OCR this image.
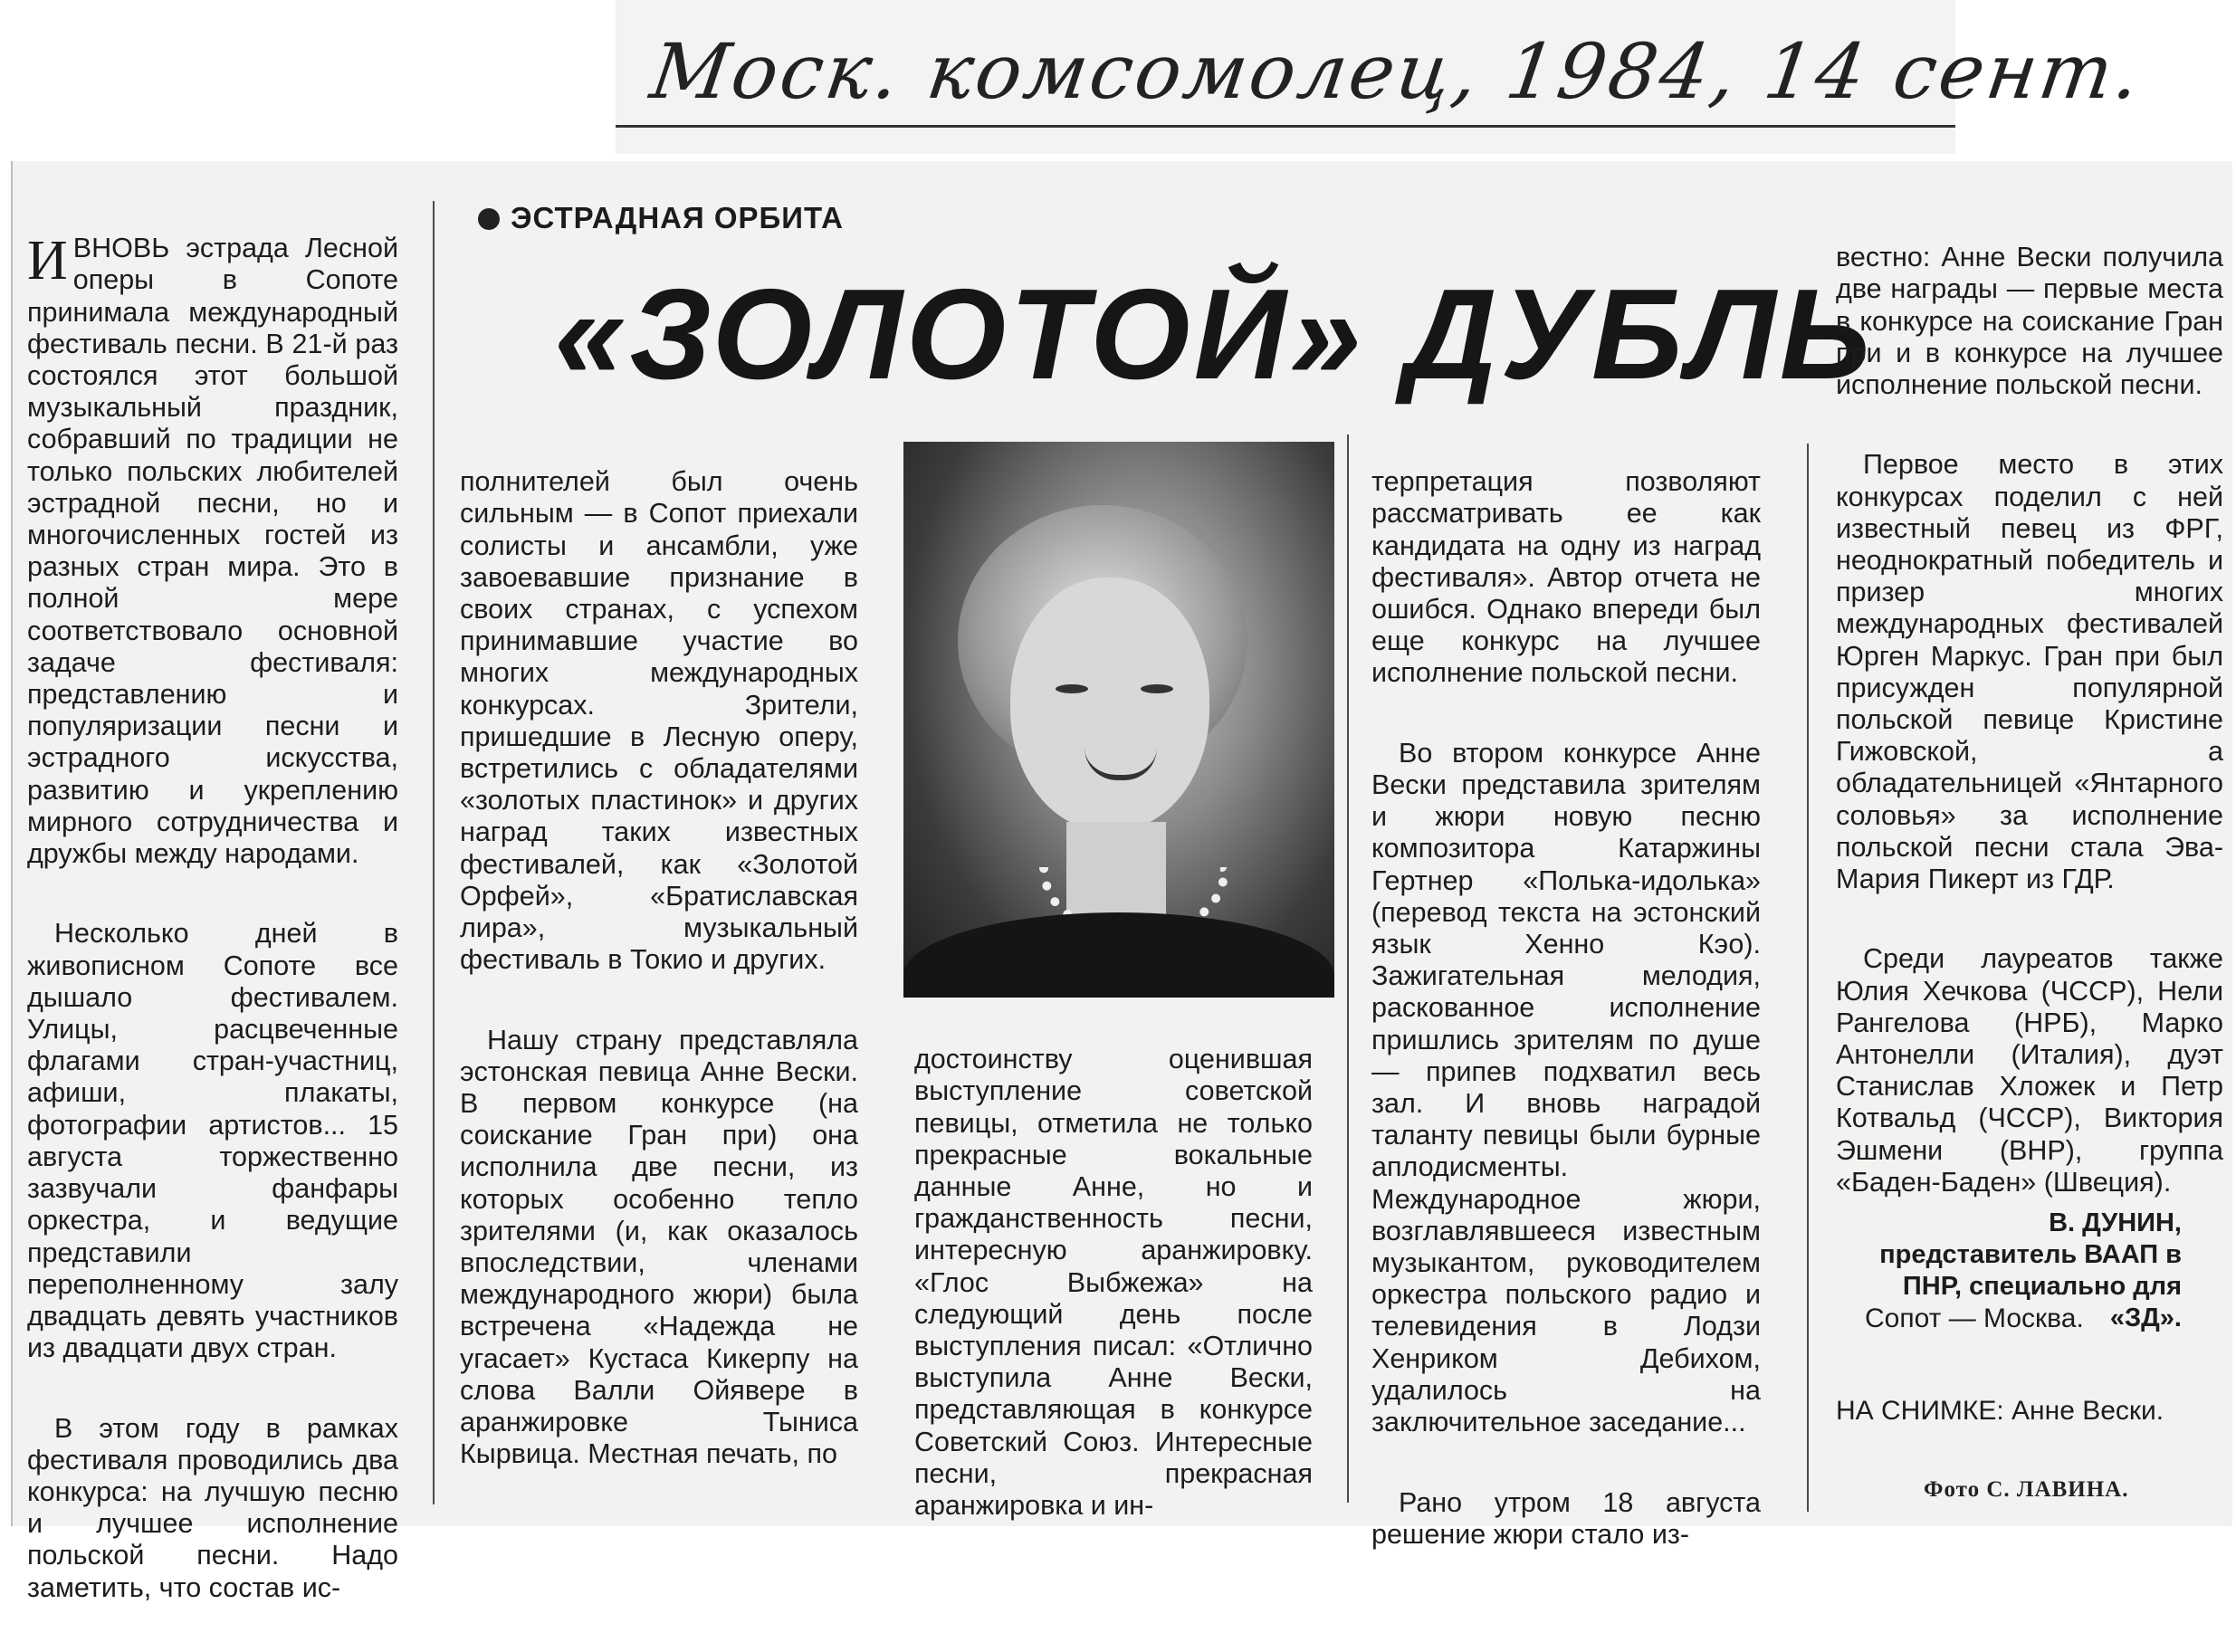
Моск. комсомолец, 1984, 14 сент.

ИВНОВЬ эстрада Лесной оперы в Сопоте принимала международный фестиваль песни. В 21-й раз состоялся этот большой музыкальный праздник, собравший по традиции не только польских любителей эстрадной песни, но и многочисленных гостей из разных стран мира. Это в полной мере соответствовало основной задаче фестиваля: представлению и популяризации песни и эстрадного искусства, развитию и укреплению мирного сотрудничества и дружбы между народами.

Несколько дней в живописном Сопоте все дышало фестивалем. Улицы, расцвеченные флагами стран-участниц, афиши, плакаты, фотографии артистов... 15 августа торжественно зазвучали фанфары оркестра, и ведущие представили переполненному залу двадцать девять участников из двадцати двух стран.

В этом году в рамках фестиваля проводились два конкурса: на лучшую песню и лучшее исполнение польской песни. Надо заметить, что состав ис-

ЭСТРАДНАЯ ОРБИТА
«ЗОЛОТОЙ» ДУБЛЬ

полнителей был очень сильным — в Сопот приехали солисты и ансамбли, уже завоевавшие признание в своих странах, с успехом принимавшие участие во многих международных конкурсах. Зрители, пришедшие в Лесную оперу, встретились с обладателями «золотых пластинок» и других наград таких известных фестивалей, как «Золотой Орфей», «Братиславская лира», музыкальный фестиваль в Токио и других.

Нашу страну представляла эстонская певица Анне Вески. В первом конкурсе (на соискание Гран при) она исполнила две песни, из которых особенно тепло зрителями (и, как оказалось впоследствии, членами международного жюри) была встречена «Надежда не угасает» Кустаса Кикерпу на слова Валли Ойявере в аранжировке Тыниса Кырвица. Местная печать, по

достоинству оценившая выступление советской певицы, отметила не только прекрасные вокальные данные Анне, но и гражданственность песни, интересную аранжировку. «Глос Выбжежа» на следующий день после выступления писал: «Отлично выступила Анне Вески, представляющая в конкурсе Советский Союз. Интересные песни, прекрасная аранжировка и ин-

терпретация позволяют рассматривать ее как кандидата на одну из наград фестиваля». Автор отчета не ошибся. Однако впереди был еще конкурс на лучшее исполнение польской песни.

Во втором конкурсе Анне Вески представила зрителям и жюри новую песню композитора Катаржины Гертнер «Полька-идолька» (перевод текста на эстонский язык Хенно Кэо). Зажигательная мелодия, раскованное исполнение пришлись зрителям по душе — припев подхватил весь зал. И вновь наградой таланту певицы были бурные аплодисменты. Международное жюри, возглавлявшееся известным музыкантом, руководителем оркестра польского радио и телевидения в Лодзи Хенриком Дебихом, удалилось на заключительное заседание...

Рано утром 18 августа решение жюри стало из-

вестно: Анне Вески получила две награды — первые места в конкурсе на соискание Гран при и в конкурсе на лучшее исполнение польской песни.

Первое место в этих конкурсах поделил с ней известный певец из ФРГ, неоднократный победитель и призер многих международных фестивалей Юрген Маркус. Гран при был присужден популярной польской певице Кристине Гижовской, а обладательницей «Янтарного соловья» за исполнение польской песни стала Эва-Мария Пикерт из ГДР.

Среди лауреатов также Юлия Хечкова (ЧССР), Нели Рангелова (НРБ), Марко Антонелли (Италия), дуэт Станислав Хложек и Петр Котвальд (ЧССР), Виктория Эшмени (ВНР), группа «Баден-Баден» (Швеция).

В. ДУНИН,
представитель ВААП в ПНР, специально для «ЗД».
Сопот — Москва.
НА СНИМКЕ: Анне Вески.
Фото С. ЛАВИНА.
